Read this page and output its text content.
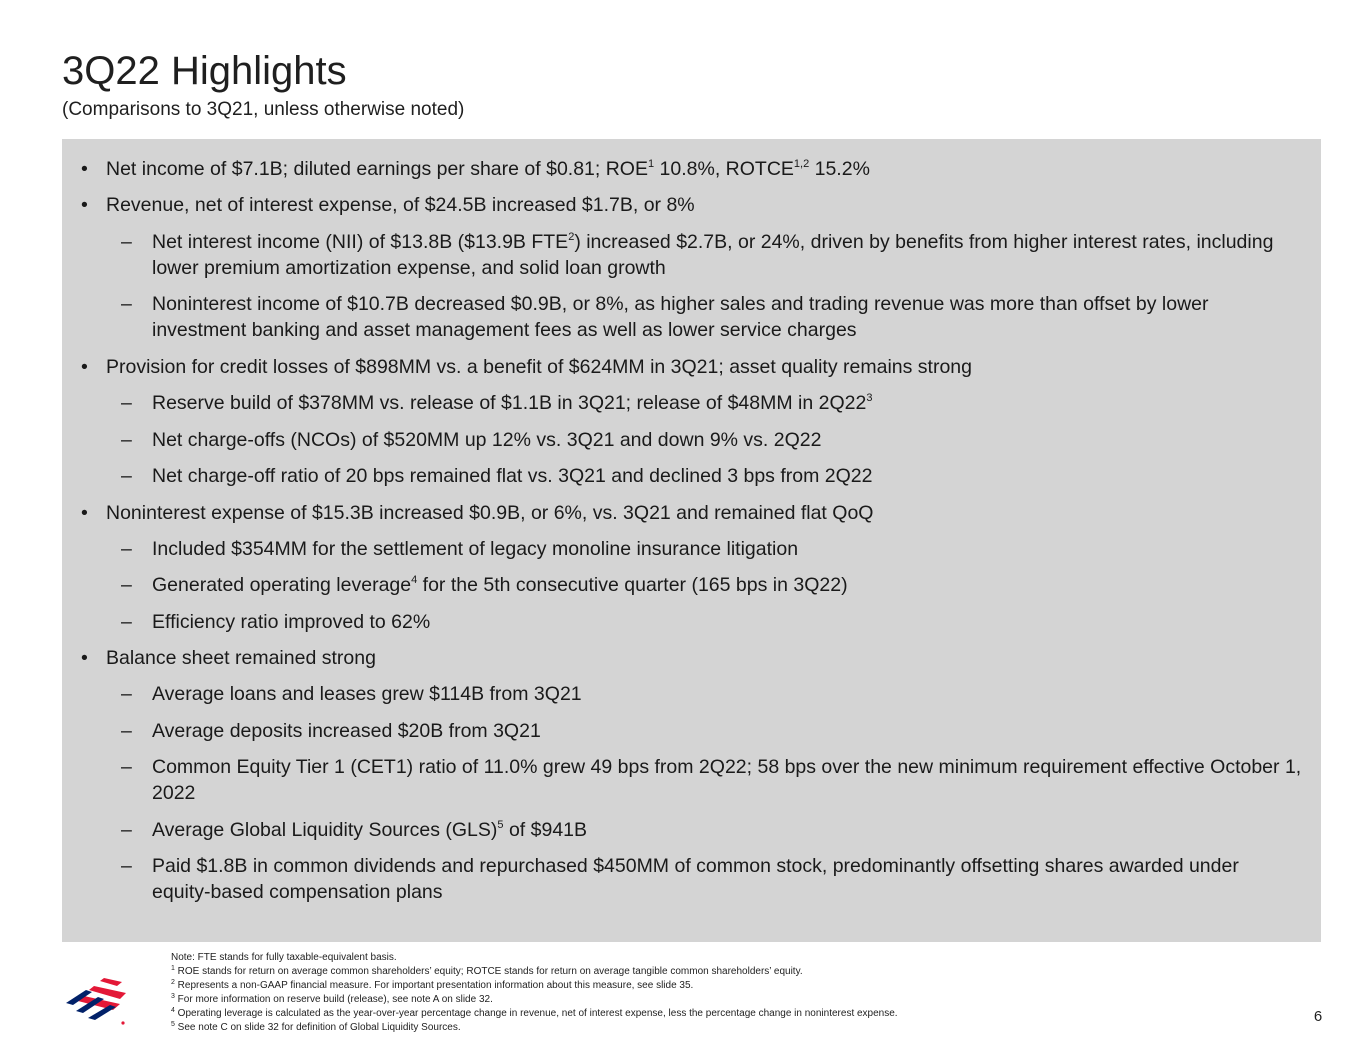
3Q22 Highlights
(Comparisons to 3Q21, unless otherwise noted)
• Net income of $7.1B; diluted earnings per share of $0.81; ROE$^1$ 10.8%, ROTCE$^{1,2}$ 15.2%
• Revenue, net of interest expense, of $24.5B increased $1.7B, or 8%
– Net interest income (NII) of $13.8B ($13.9B FTE$^2$) increased $2.7B, or 24%, driven by benefits from higher interest rates, including lower premium amortization expense, and solid loan growth
– Noninterest income of $10.7B decreased $0.9B, or 8%, as higher sales and trading revenue was more than offset by lower investment banking and asset management fees as well as lower service charges
• Provision for credit losses of $898MM vs. a benefit of $624MM in 3Q21; asset quality remains strong
– Reserve build of $378MM vs. release of $1.1B in 3Q21; release of $48MM in $2Q22^3$
– Net charge-offs (NCOs) of $520MM up 12% vs. 3Q21 and down 9% vs. 2Q22
– Net charge-off ratio of 20 bps remained flat vs. 3Q21 and declined 3 bps from 2Q22
• Noninterest expense of $15.3B increased $0.9B, or 6%, vs. 3Q21 and remained flat QoQ
– Included $354MM for the settlement of legacy monoline insurance litigation
– Generated operating leverage$^4$ for the 5th consecutive quarter (165 bps in 3Q22)
– Efficiency ratio improved to 62%
• Balance sheet remained strong
– Average loans and leases grew $114B from 3Q21
– Average deposits increased $20B from 3Q21
– Common Equity Tier 1 (CET1) ratio of 11.0% grew 49 bps from 2Q22; 58 bps over the new minimum requirement effective October 1, 2022
– Average Global Liquidity Sources (GLS)$^5$ of $941B
– Paid $1.8B in common dividends and repurchased $450MM of common stock, predominantly offsetting shares awarded under equity-based compensation plans
Note: FTE stands for fully taxable-equivalent basis.
$^1$ ROE stands for return on average common shareholders’ equity; ROTCE stands for return on average tangible common shareholders’ equity.
$^2$ Represents a non-GAAP financial measure. For important presentation information about this measure, see slide 35.
$^3$ For more information on reserve build (release), see note A on slide 32.
$^4$ Operating leverage is calculated as the year-over-year percentage change in revenue, net of interest expense, less the percentage change in noninterest expense.
$^5$ See note C on slide 32 for definition of Global Liquidity Sources.
6
